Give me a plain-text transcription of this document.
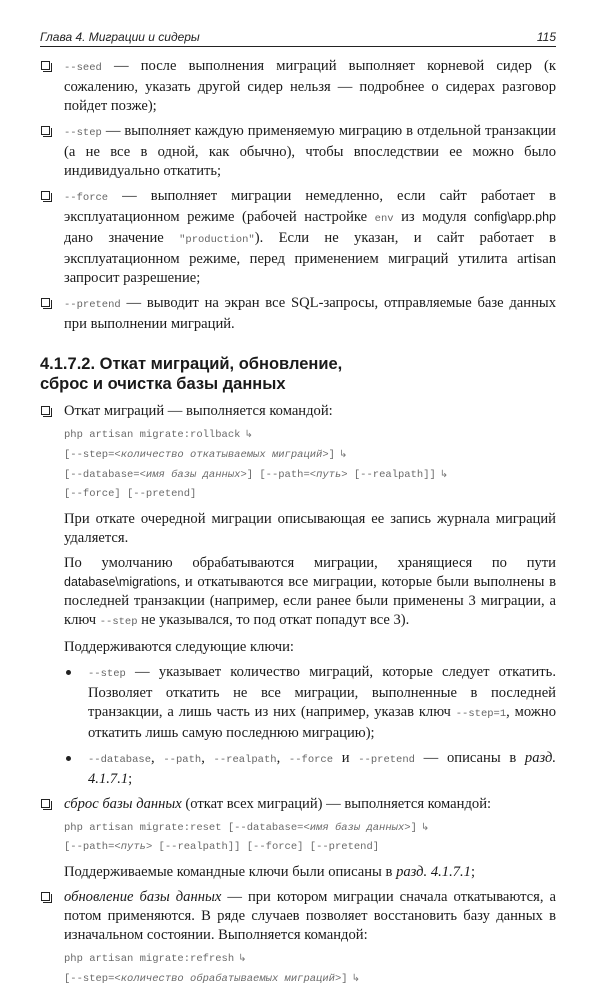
Глава 4. Миграции и сидеры	115
--seed — после выполнения миграций выполняет корневой сидер (к сожалению, указать другой сидер нельзя — подробнее о сидерах разговор пойдет позже);
--step — выполняет каждую применяемую миграцию в отдельной транзакции (а не все в одной, как обычно), чтобы впоследствии ее можно было индивидуально откатить;
--force — выполняет миграции немедленно, если сайт работает в эксплуатационном режиме (рабочей настройке env из модуля config\app.php дано значение "production"). Если не указан, и сайт работает в эксплуатационном режиме, перед применением миграций утилита artisan запросит разрешение;
--pretend — выводит на экран все SQL-запросы, отправляемые базе данных при выполнении миграций.
4.1.7.2. Откат миграций, обновление,
сброс и очистка базы данных
Откат миграций — выполняется командой:
php artisan migrate:rollback ↳
[--step=<количество откатываемых миграций>] ↳
[--database=<имя базы данных>] [--path=<путь> [--realpath]] ↳
[--force] [--pretend]
При откате очередной миграции описывающая ее запись журнала миграций удаляется.
По умолчанию обрабатываются миграции, хранящиеся по пути database\migrations, и откатываются все миграции, которые были выполнены в последней транзакции (например, если ранее были применены 3 миграции, а ключ --step не указывался, то под откат попадут все 3).
Поддерживаются следующие ключи:
--step — указывает количество миграций, которые следует откатить. Позволяет откатить не все миграции, выполненные в последней транзакции, а лишь часть из них (например, указав ключ --step=1, можно откатить лишь самую последнюю миграцию);
--database, --path, --realpath, --force и --pretend — описаны в разд. 4.1.7.1;
сброс базы данных (откат всех миграций) — выполняется командой:
php artisan migrate:reset [--database=<имя базы данных>] ↳
[--path=<путь> [--realpath]] [--force] [--pretend]
Поддерживаемые командные ключи были описаны в разд. 4.1.7.1;
обновление базы данных — при котором миграции сначала откатываются, а потом применяются. В ряде случаев позволяет восстановить базу данных в изначальном состоянии. Выполняется командой:
php artisan migrate:refresh ↳
[--step=<количество обрабатываемых миграций>] ↳
